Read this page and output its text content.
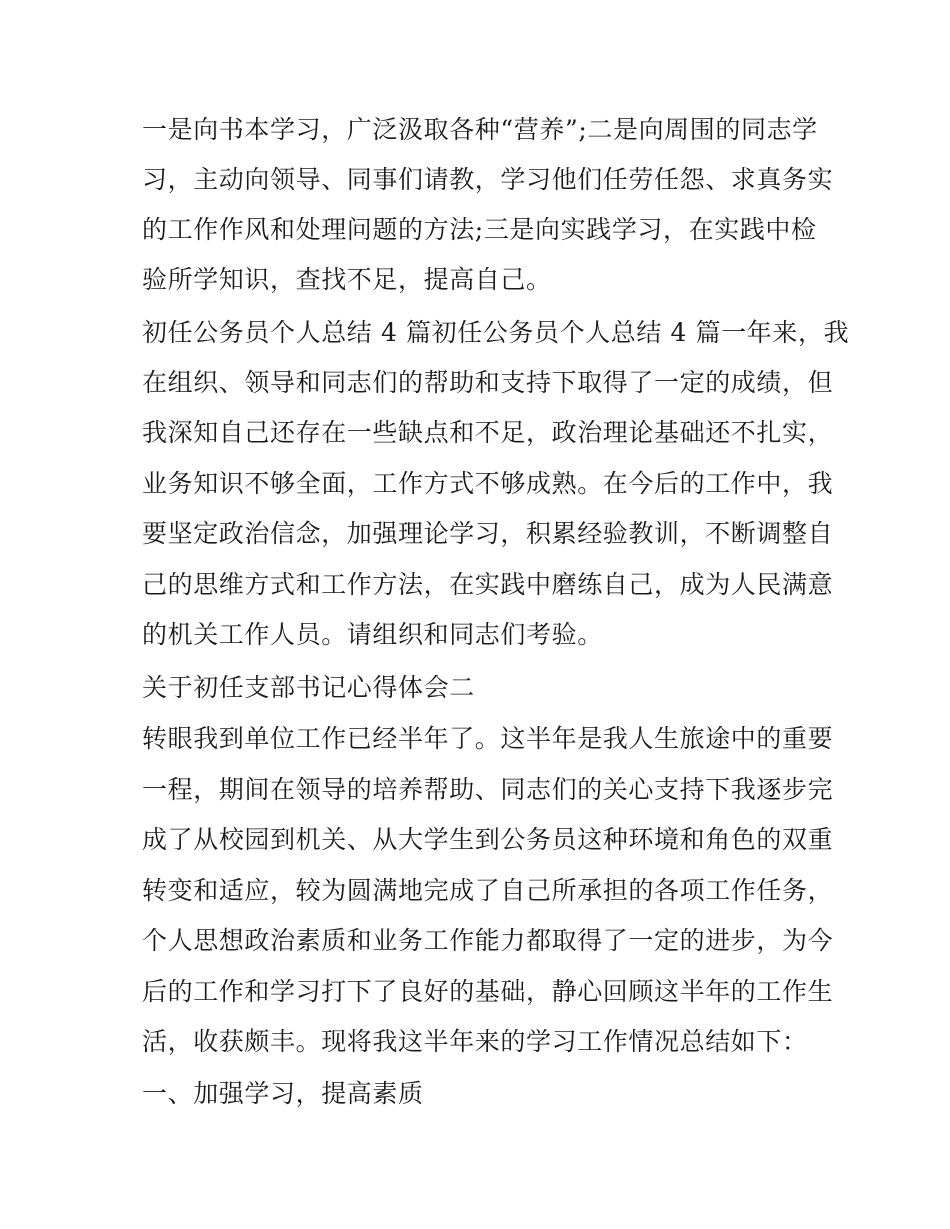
一是向书本学习，广泛汲取各种“营养”;二是向周围的同志学

习，主动向领导、同事们请教，学习他们任劳任怨、求真务实

的工作作风和处理问题的方法;三是向实践学习，在实践中检

验所学知识，查找不足，提高自己。

初任公务员个人总结 4 篇初任公务员个人总结 4 篇一年来，我

在组织、领导和同志们的帮助和支持下取得了一定的成绩，但

我深知自己还存在一些缺点和不足，政治理论基础还不扎实，

业务知识不够全面，工作方式不够成熟。在今后的工作中，我

要坚定政治信念，加强理论学习，积累经验教训，不断调整自

己的思维方式和工作方法，在实践中磨练自己，成为人民满意

的机关工作人员。请组织和同志们考验。

关于初任支部书记心得体会二

转眼我到单位工作已经半年了。这半年是我人生旅途中的重要

一程，期间在领导的培养帮助、同志们的关心支持下我逐步完

成了从校园到机关、从大学生到公务员这种环境和角色的双重

转变和适应，较为圆满地完成了自己所承担的各项工作任务，

个人思想政治素质和业务工作能力都取得了一定的进步，为今

后的工作和学习打下了良好的基础，静心回顾这半年的工作生

活，收获颇丰。现将我这半年来的学习工作情况总结如下：

一、加强学习，提高素质
